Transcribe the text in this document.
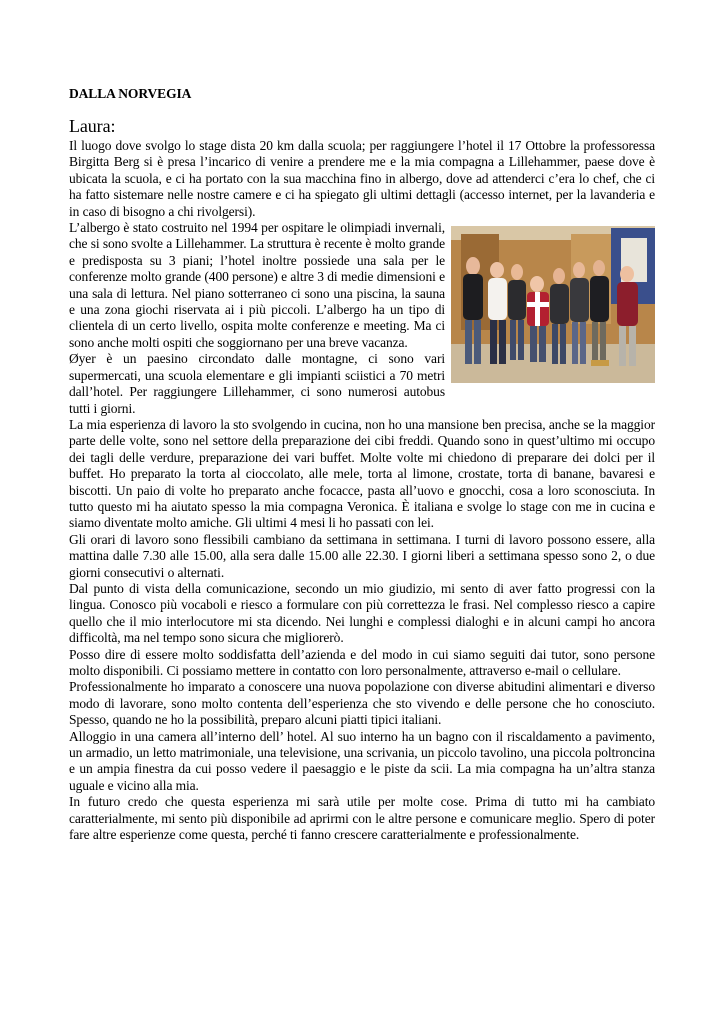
DALLA NORVEGIA

Laura:

Il luogo dove svolgo lo stage dista 20 km dalla scuola; per raggiungere l’hotel il 17 Ottobre la professoressa Birgitta Berg si è presa l’incarico di venire a prendere me e la mia compagna a Lillehammer, paese dove è ubicata la scuola, e ci ha portato con la sua macchina fino in albergo, dove ad attenderci c’era lo chef, che ci ha fatto sistemare nelle nostre camere e ci ha spiegato gli ultimi dettagli (accesso internet, per la lavanderia e in caso di bisogno a chi rivolgersi).

L’albergo è stato costruito nel 1994 per ospitare le olimpiadi invernali, che si sono svolte a Lillehammer. La struttura è recente è molto grande e predisposta su 3 piani; l’hotel inoltre possiede una sala per le conferenze molto grande (400 persone) e altre 3 di medie dimensioni e una sala di lettura. Nel piano sotterraneo ci sono una piscina, la sauna e una zona giochi riservata ai i più piccoli. L’albergo ha un tipo di clientela di un certo livello, ospita molte conferenze e meeting. Ma ci sono anche molti ospiti che soggiornano per una breve vacanza.

Øyer è un paesino circondato dalle montagne, ci sono vari supermercati, una scuola elementare e gli impianti sciistici a 70 metri dall’hotel. Per raggiungere Lillehammer, ci sono numerosi autobus tutti i giorni.

La mia esperienza di lavoro la sto svolgendo in cucina, non ho una mansione ben precisa, anche se la maggior parte delle volte, sono nel settore della preparazione dei cibi freddi. Quando sono in quest’ultimo mi occupo dei tagli delle verdure, preparazione dei vari buffet. Molte volte mi chiedono di preparare dei dolci per il buffet. Ho preparato la torta al cioccolato, alle mele, torta al limone, crostate, torta di banane, bavaresi e biscotti. Un paio di volte ho preparato anche focacce, pasta all’uovo e gnocchi, cosa a loro sconosciuta. In tutto questo mi ha aiutato spesso la mia compagna Veronica. È italiana e svolge lo stage con me in cucina e siamo diventate molto amiche. Gli ultimi 4 mesi li ho passati con lei.

Gli orari di lavoro sono flessibili cambiano da settimana in settimana. I turni di lavoro possono essere, alla mattina dalle 7.30 alle 15.00, alla sera dalle 15.00 alle 22.30. I giorni liberi a settimana spesso sono 2, o due giorni consecutivi o alternati.

Dal punto di vista della comunicazione, secondo un mio giudizio, mi sento di aver fatto progressi con la lingua. Conosco più vocaboli e riesco a formulare con più correttezza le frasi. Nel complesso riesco a capire quello che il mio interlocutore mi sta dicendo. Nei lunghi e complessi dialoghi e in alcuni campi ho ancora difficoltà, ma nel tempo sono sicura che migliorerò.

Posso dire di essere molto soddisfatta dell’azienda e del modo in cui siamo seguiti dai tutor, sono persone molto disponibili. Ci possiamo mettere in contatto con loro personalmente, attraverso e-mail o cellulare.

Professionalmente ho imparato a conoscere una nuova popolazione con diverse abitudini alimentari e diverso modo di lavorare, sono molto contenta dell’esperienza che sto vivendo e delle persone che ho conosciuto. Spesso, quando ne ho la possibilità, preparo alcuni piatti tipici italiani.

Alloggio in una camera all’interno dell’ hotel. Al suo interno ha un bagno con il riscaldamento a pavimento, un armadio, un letto matrimoniale, una televisione, una scrivania, un piccolo tavolino, una piccola poltroncina e un ampia finestra da cui posso vedere il paesaggio e le piste da scii. La mia compagna ha un’altra stanza uguale e vicino alla mia.

In futuro credo che questa esperienza mi sarà utile per molte cose. Prima di tutto mi ha cambiato caratterialmente, mi sento più disponibile ad aprirmi con le altre persone e comunicare meglio. Spero di poter fare altre esperienze come questa, perché ti fanno crescere caratterialmente e professionalmente.
